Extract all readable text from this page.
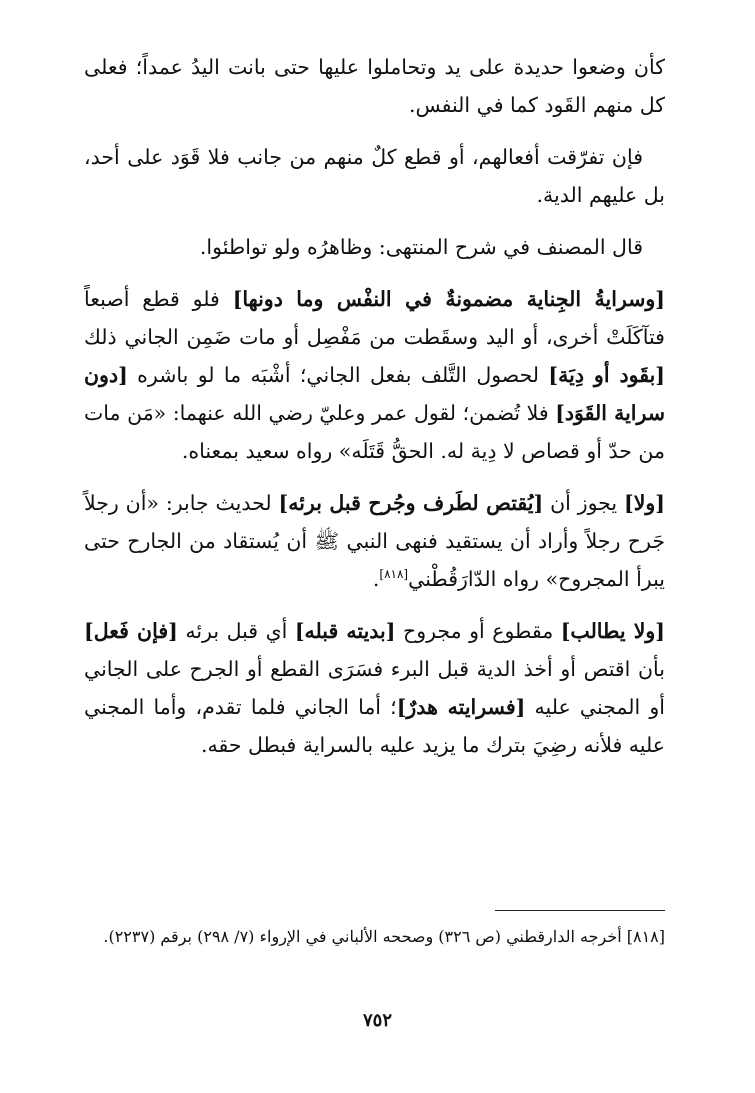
كأن وضعوا حديدة على يد وتحاملوا عليها حتى بانت اليدُ عمداً؛ فعلى كل منهم القَود كما في النفس.

فإن تفرّقت أفعالهم، أو قطع كلٌ منهم من جانب فلا قَوَد على أحد، بل عليهم الدية.

قال المصنف في شرح المنتهى: وظاهرُه ولو تواطئوا.

[وسرايةُ الجِناية مضمونةٌ في النفْس وما دونها] فلو قطع أصبعاً فتآكَلَتْ أخرى، أو اليد وسقَطت من مَفْصِل أو مات ضَمِن الجاني ذلك [بقَود أو دِيَة] لحصول التَّلف بفعل الجاني؛ أشْبَه ما لو باشره [دون سراية القَوَد] فلا تُضمن؛ لقول عمر وعليّ رضي الله عنهما: «مَن مات من حدّ أو قصاص لا دِية له. الحقُّ قَتَلَه» رواه سعيد بمعناه.

[ولا] يجوز أن [يُقتص لطَرف وجُرح قبل برئه] لحديث جابر: «أن رجلاً جَرح رجلاً وأراد أن يستقيد فنهى النبي ﷺ أن يُستقاد من الجارح حتى يبرأ المجروح» رواه الدّارَقُطْني[٨١٨].

[ولا يطالب] مقطوع أو مجروح [بديته قبله] أي قبل برئه [فإن فَعل] بأن اقتص أو أخذ الدية قبل البرء فسَرَى القطع أو الجرح على الجاني أو المجني عليه [فسرايته هدرٌ]؛ أما الجاني فلما تقدم، وأما المجني عليه فلأنه رضِيَ بترك ما يزيد عليه بالسراية فبطل حقه.

[٨١٨] أخرجه الدارقطني (ص ٣٢٦) وصححه الألباني في الإرواء (٧/ ٢٩٨) برقم (٢٢٣٧).
٧٥٢
